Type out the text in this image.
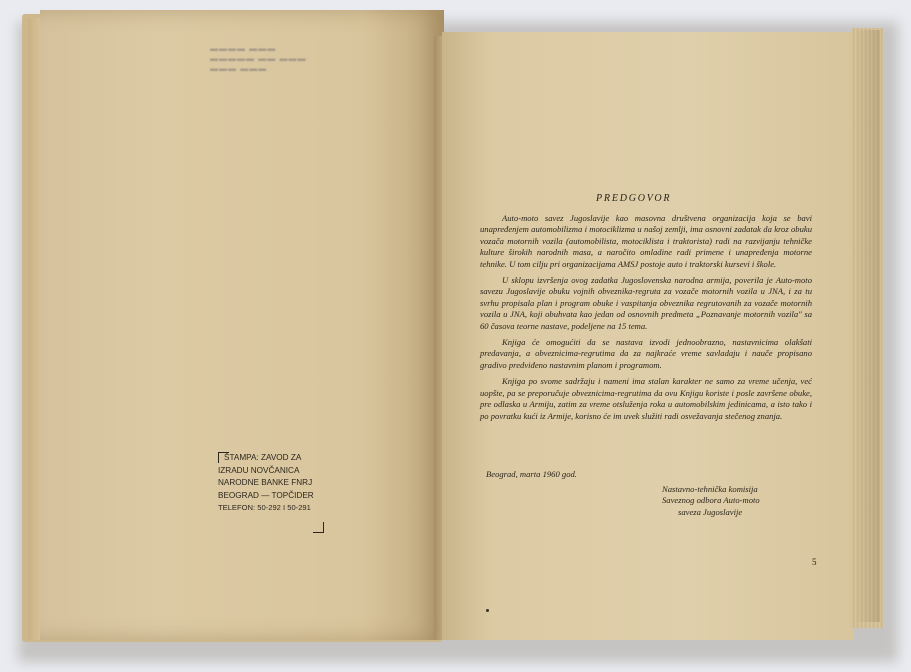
▬▬▬▬ ▬▬▬
▬▬▬▬▬ ▬▬ ▬▬▬
▬▬▬ ▬▬▬
ŠTAMPA: ZAVOD ZA
IZRADU NOVČANICA
NARODNE BANKE FNRJ
BEOGRAD — TOPČIDER
TELEFON: 50-292 I 50-291
PREDGOVOR

Auto-moto savez Jugoslavije kao masovna društvena organizacija koja se bavi unapređenjem automobilizma i motociklizma u našoj zemlji, ima osnovni zadatak da kroz obuku vozača motornih vozila (automobilista, motociklista i traktorista) radi na razvijanju tehničke kulture širokih narodnih masa, a naročito omladine radi primene i unapređenja motorne tehnike. U tom cilju pri organizacijama AMSJ postoje auto i traktorski kursevi i škole.

U sklopu izvršenja ovog zadatka Jugoslovenska narodna armija, poverila je Auto-moto savezu Jugoslavije obuku vojnih obveznika-regruta za vozače motornih vozila u JNA, i za tu svrhu propisala plan i program obuke i vaspitanja obveznika regrutovanih za vozače motornih vozila u JNA, koji obuhvata kao jedan od osnovnih predmeta „Poznavanje motornih vozila" sa 60 časova teorne nastave, podeljene na 15 tema.

Knjiga će omogućiti da se nastava izvodi jednoobrazno, nastavnicima olakšati predavanja, a obveznicima-regrutima da za najkraće vreme savladaju i nauče propisano gradivo predviđeno nastavnim planom i programom.

Knjiga po svome sadržaju i nameni ima stalan karakter ne samo za vreme učenja, već uopšte, pa se preporučuje obveznicima-regrutima da ovu Knjigu koriste i posle završene obuke, pre odlaska u Armiju, zatim za vreme otsluženja roka u automobilskim jedinicama, a isto tako i po povratku kući iz Armije, korisno će im uvek služiti radi osvežavanja stečenog znanja.

Beograd, marta 1960 god.
Nastavno-tehnička komisija
Saveznog odbora Auto-moto
saveza Jugoslavije
5
